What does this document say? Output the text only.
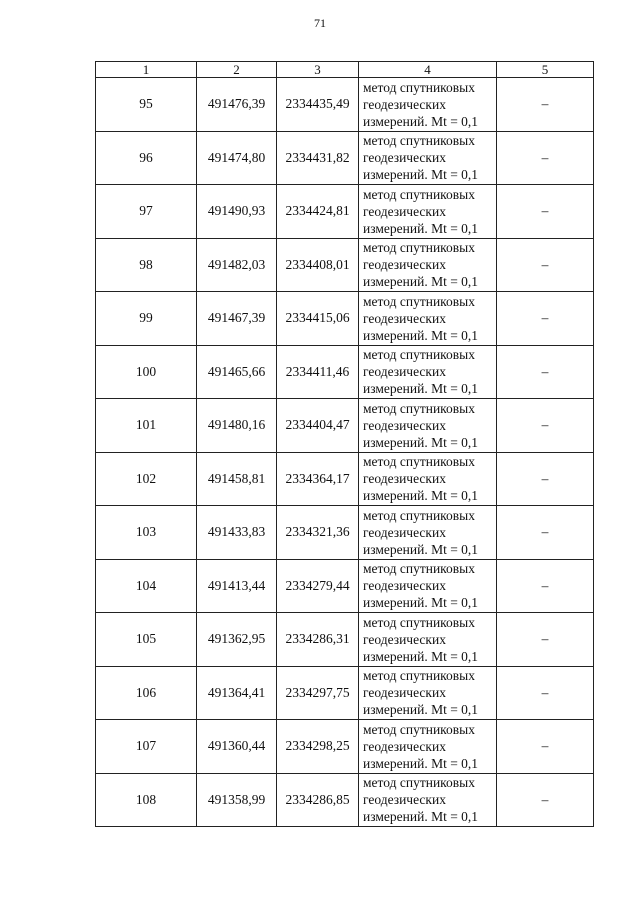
71
1	2	3	4	5
95	491476,39	2334435,49	метод спутниковых
геодезических
измерений. Mt = 0,1	–
96	491474,80	2334431,82	метод спутниковых
геодезических
измерений. Mt = 0,1	–
97	491490,93	2334424,81	метод спутниковых
геодезических
измерений. Mt = 0,1	–
98	491482,03	2334408,01	метод спутниковых
геодезических
измерений. Mt = 0,1	–
99	491467,39	2334415,06	метод спутниковых
геодезических
измерений. Mt = 0,1	–
100	491465,66	2334411,46	метод спутниковых
геодезических
измерений. Mt = 0,1	–
101	491480,16	2334404,47	метод спутниковых
геодезических
измерений. Mt = 0,1	–
102	491458,81	2334364,17	метод спутниковых
геодезических
измерений. Mt = 0,1	–
103	491433,83	2334321,36	метод спутниковых
геодезических
измерений. Mt = 0,1	–
104	491413,44	2334279,44	метод спутниковых
геодезических
измерений. Mt = 0,1	–
105	491362,95	2334286,31	метод спутниковых
геодезических
измерений. Mt = 0,1	–
106	491364,41	2334297,75	метод спутниковых
геодезических
измерений. Mt = 0,1	–
107	491360,44	2334298,25	метод спутниковых
геодезических
измерений. Mt = 0,1	–
108	491358,99	2334286,85	метод спутниковых
геодезических
измерений. Mt = 0,1	–
